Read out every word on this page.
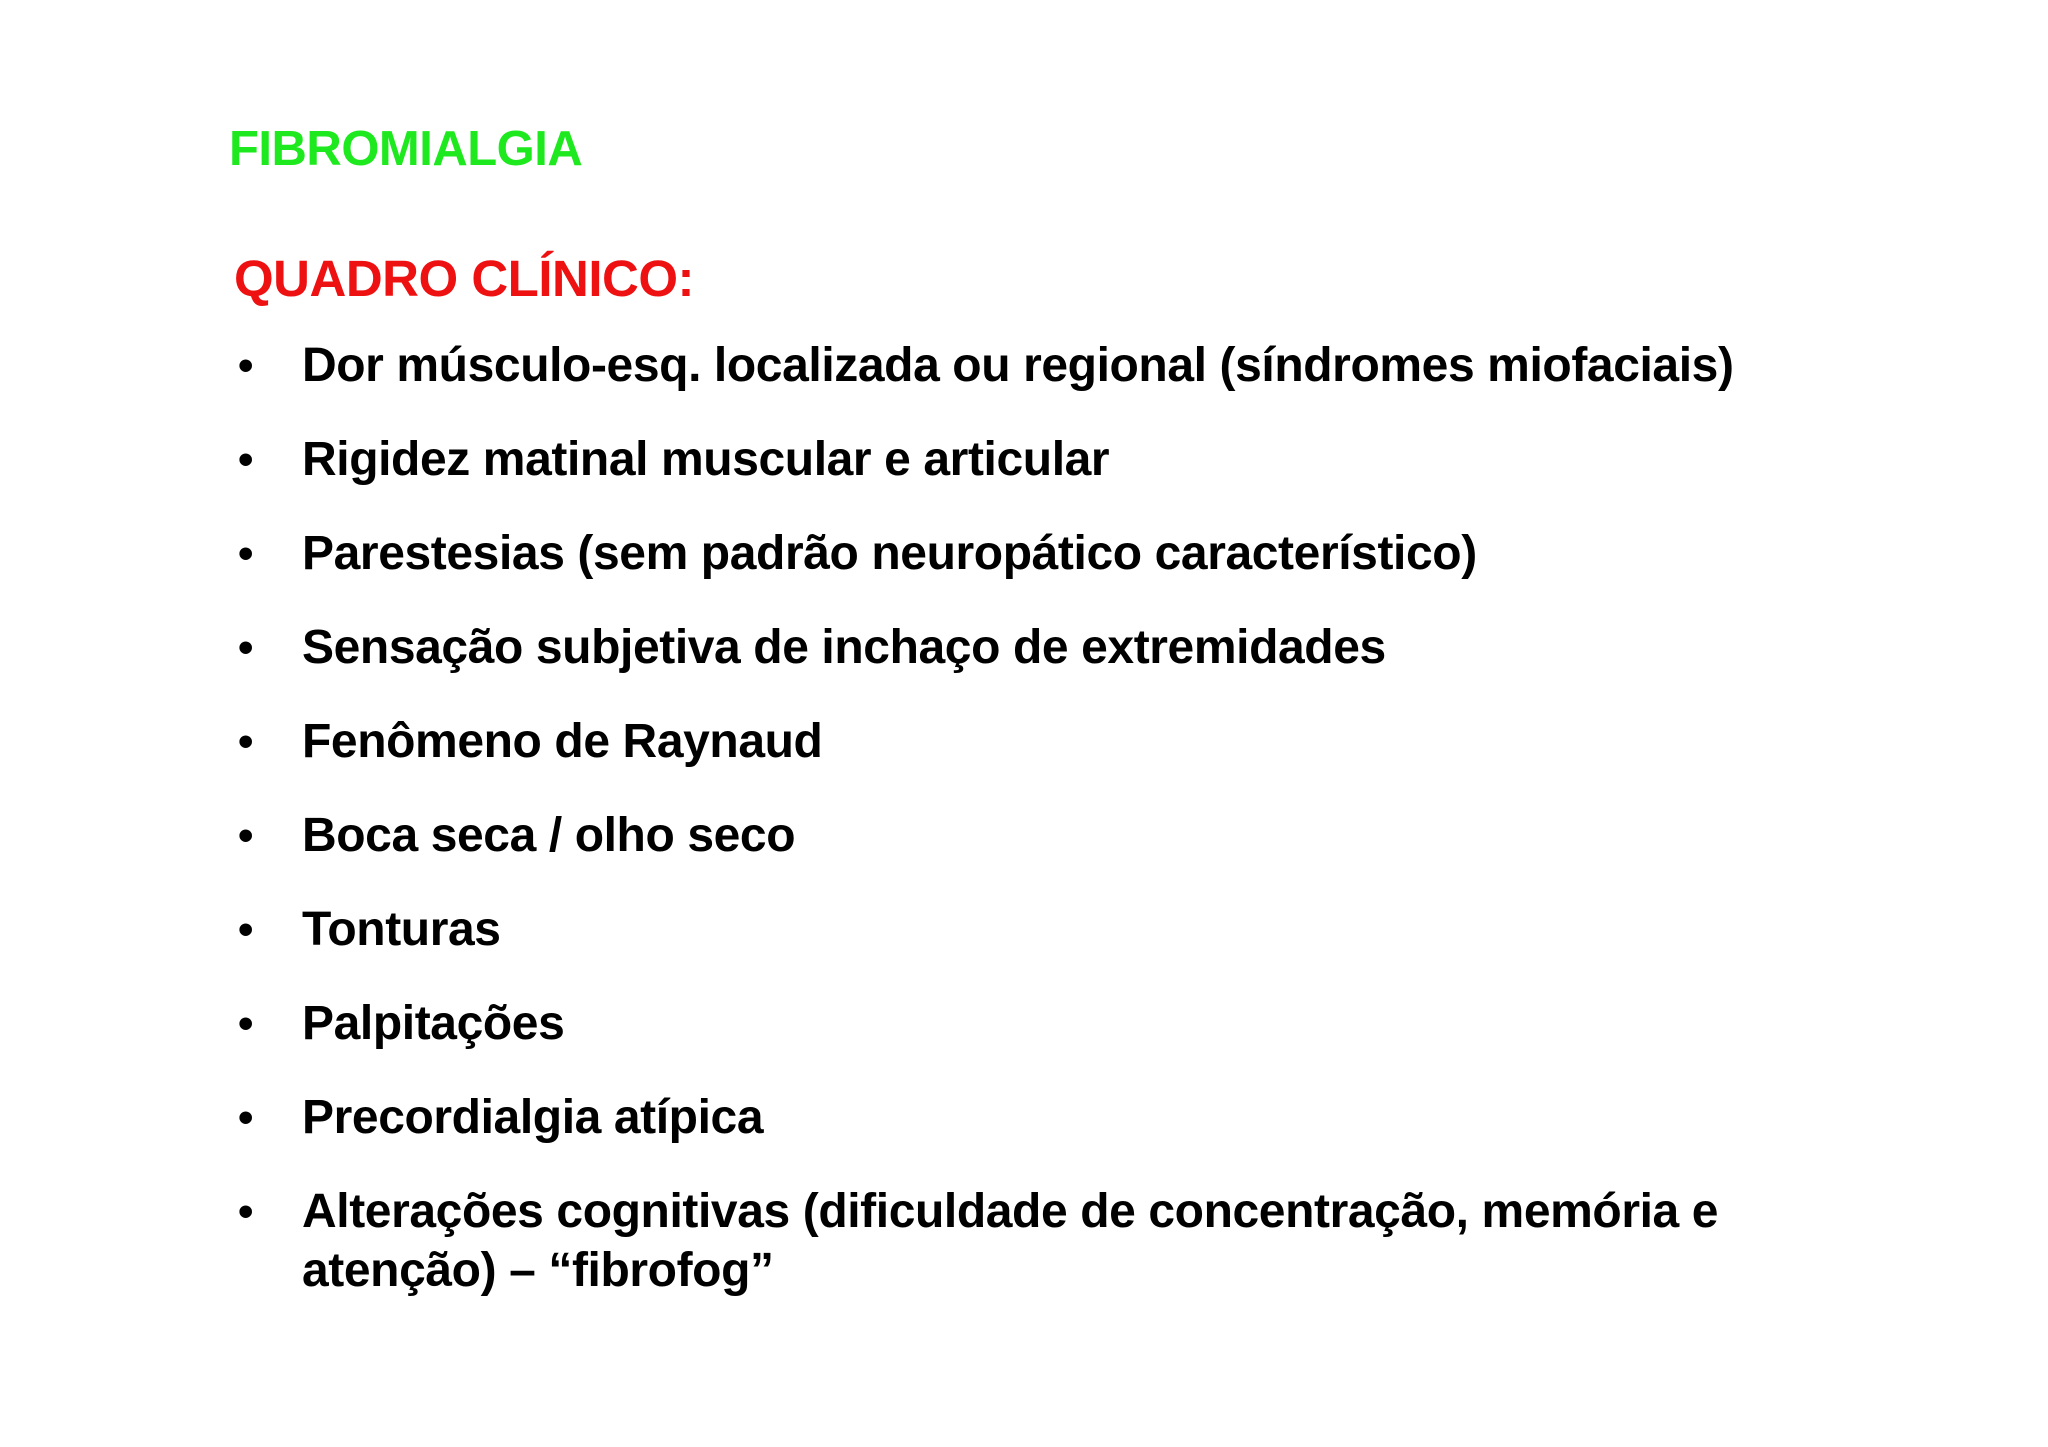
FIBROMIALGIA
QUADRO CLÍNICO:
• Dor músculo-esq. localizada ou regional (síndromes miofaciais)
• Rigidez matinal muscular e articular
• Parestesias (sem padrão neuropático característico)
• Sensação subjetiva de inchaço de extremidades
• Fenômeno de Raynaud
• Boca seca / olho seco
• Tonturas
• Palpitações
• Precordialgia atípica
• Alterações cognitivas (dificuldade de concentração, memória e atenção) – “fibrofog”
